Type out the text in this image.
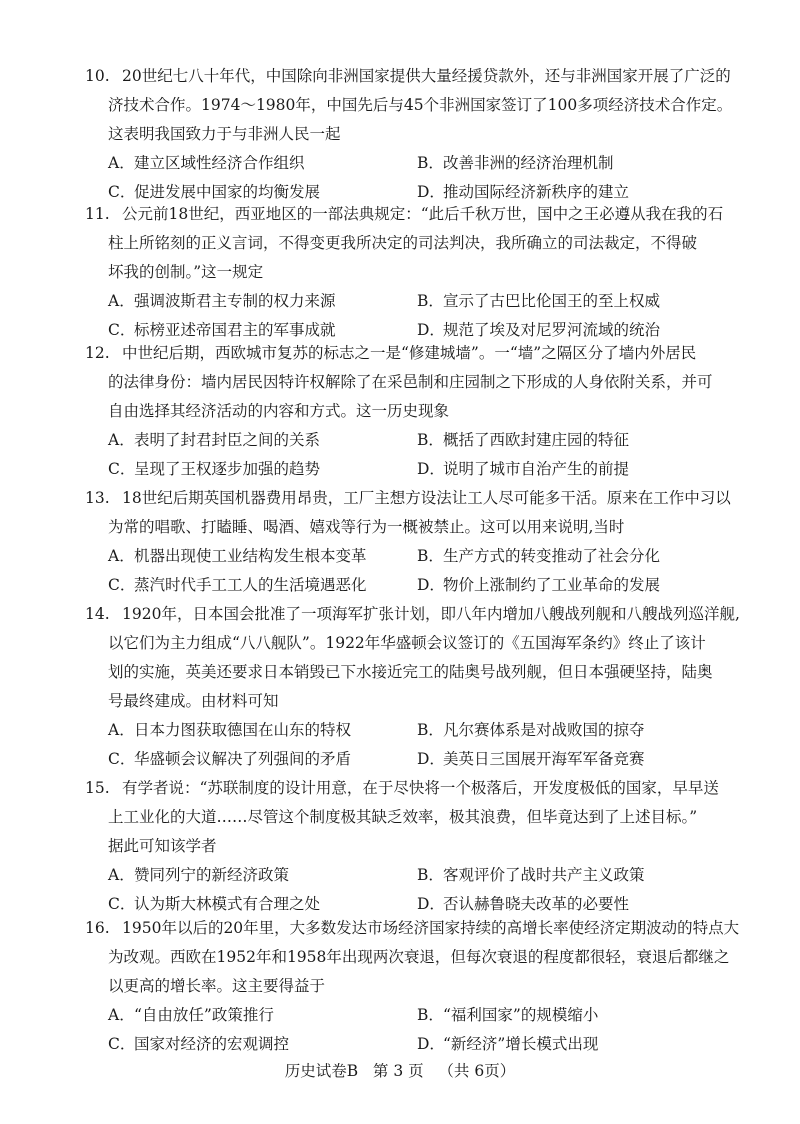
10. 20世纪七八十年代，中国除向非洲国家提供大量经援贷款外，还与非洲国家开展了广泛的
济技术合作。1974～1980年，中国先后与45个非洲国家签订了100多项经济技术合作定。
这表明我国致力于与非洲人民一起
A．建立区域性经济合作组织	B．改善非洲的经济治理机制
C．促进发展中国家的均衡发展	D．推动国际经济新秩序的建立
11. 公元前18世纪，西亚地区的一部法典规定：“此后千秋万世，国中之王必遵从我在我的石
柱上所铭刻的正义言词，不得变更我所决定的司法判决，我所确立的司法裁定，不得破
坏我的创制。”这一规定
A．强调波斯君主专制的权力来源	B．宣示了古巴比伦国王的至上权威
C．标榜亚述帝国君主的军事成就	D．规范了埃及对尼罗河流域的统治
12. 中世纪后期，西欧城市复苏的标志之一是“修建城墙”。一“墙”之隔区分了墙内外居民
的法律身份：墙内居民因特许权解除了在采邑制和庄园制之下形成的人身依附关系，并可
自由选择其经济活动的内容和方式。这一历史现象
A．表明了封君封臣之间的关系	B．概括了西欧封建庄园的特征
C．呈现了王权逐步加强的趋势	D．说明了城市自治产生的前提
13. 18世纪后期英国机器费用昂贵，工厂主想方设法让工人尽可能多干活。原来在工作中习以
为常的唱歌、打瞌睡、喝酒、嬉戏等行为一概被禁止。这可以用来说明,当时
A．机器出现使工业结构发生根本变革	B．生产方式的转变推动了社会分化
C．蒸汽时代手工工人的生活境遇恶化	D．物价上涨制约了工业革命的发展
14. 1920年，日本国会批准了一项海军扩张计划，即八年内增加八艘战列舰和八艘战列巡洋舰,
以它们为主力组成“八八舰队”。1922年华盛顿会议签订的《五国海军条约》终止了该计
划的实施，英美还要求日本销毁已下水接近完工的陆奥号战列舰，但日本强硬坚持，陆奥
号最终建成。由材料可知
A．日本力图获取德国在山东的特权	B．凡尔赛体系是对战败国的掠夺
C．华盛顿会议解决了列强间的矛盾	D．美英日三国展开海军军备竞赛
15. 有学者说：“苏联制度的设计用意，在于尽快将一个极落后，开发度极低的国家，早早送
上工业化的大道……尽管这个制度极其缺乏效率，极其浪费，但毕竟达到了上述目标。”
据此可知该学者
A．赞同列宁的新经济政策	B．客观评价了战时共产主义政策
C．认为斯大林模式有合理之处	D．否认赫鲁晓夫改革的必要性
16. 1950年以后的20年里，大多数发达市场经济国家持续的高增长率使经济定期波动的特点大
为改观。西欧在1952年和1958年出现两次衰退，但每次衰退的程度都很轻，衰退后都继之
以更高的增长率。这主要得益于
A．“自由放任”政策推行	B．“福利国家”的规模缩小
C．国家对经济的宏观调控	D．“新经济”增长模式出现
历史试卷B   第 3 页   （共 6页）
